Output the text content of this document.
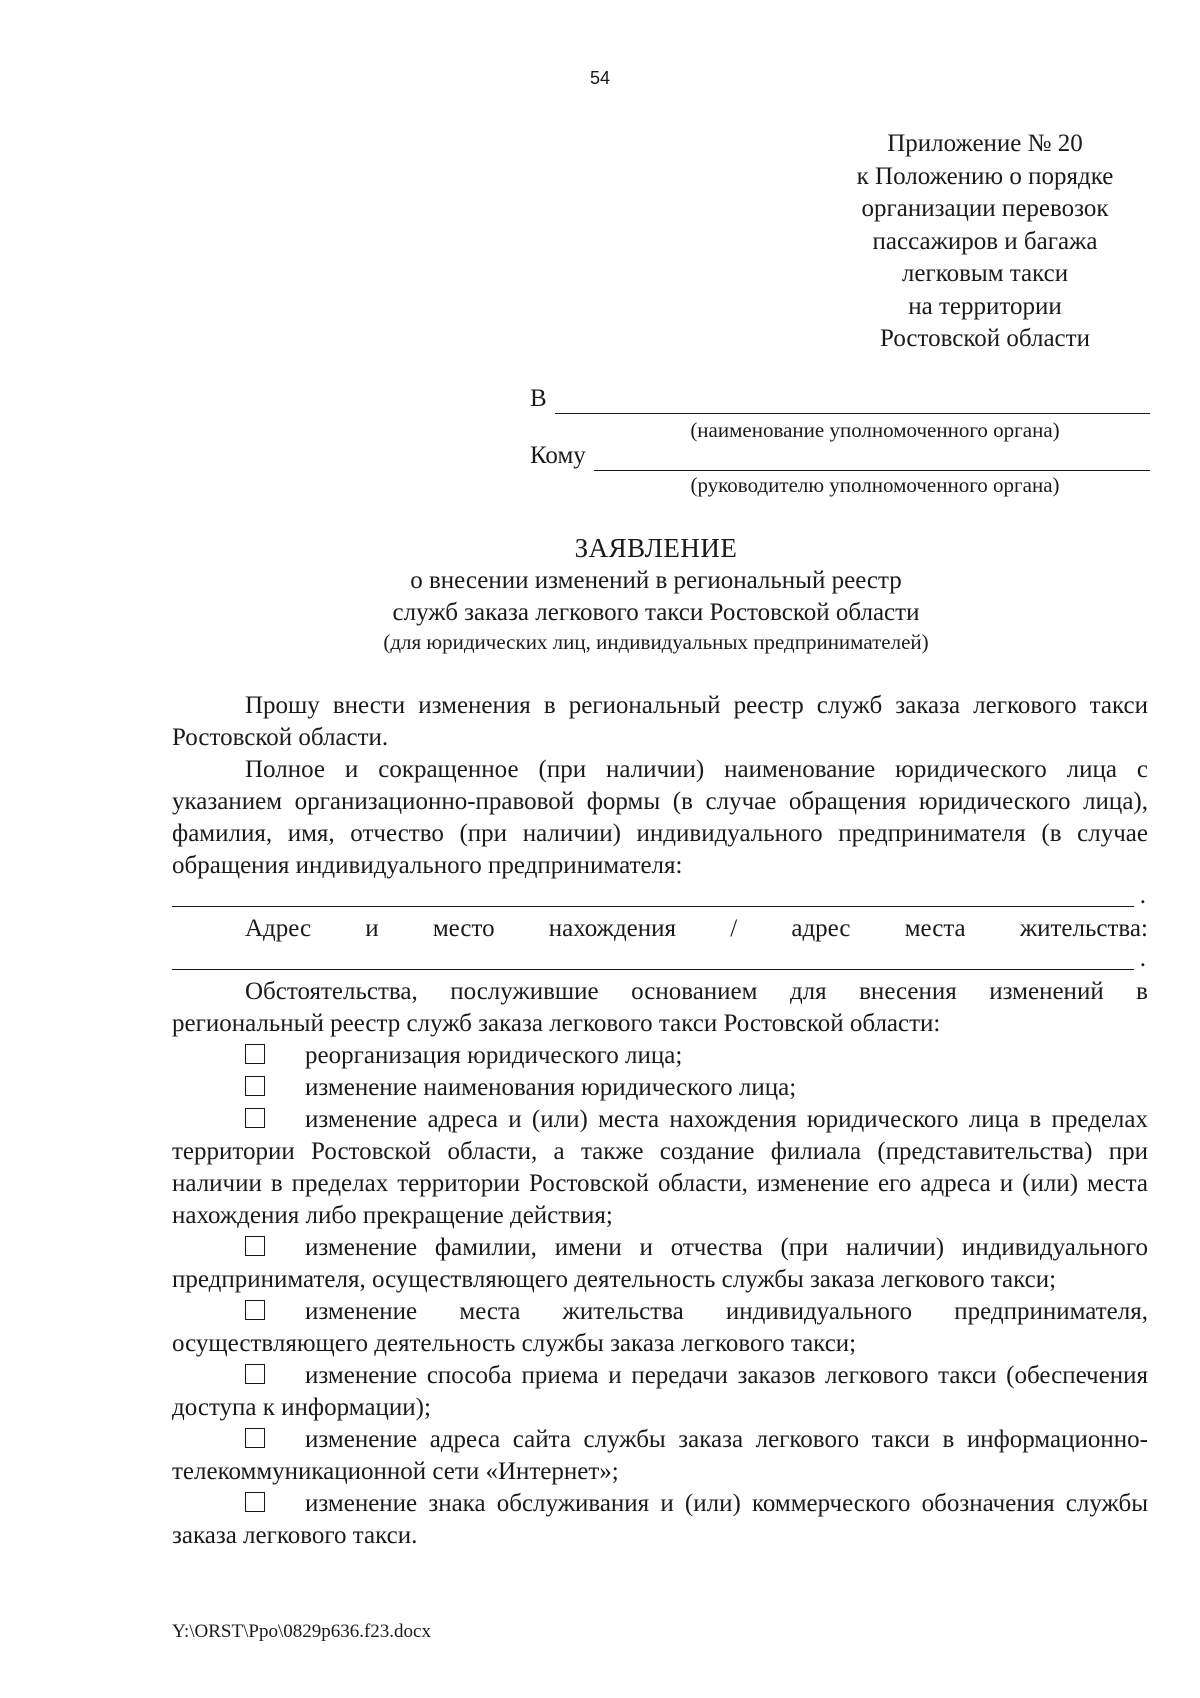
54
Приложение № 20
к Положению о порядке
организации перевозок
пассажиров и багажа
легковым такси
на территории
Ростовской области
В
(наименование уполномоченного органа)
Кому
(руководителю уполномоченного органа)
ЗАЯВЛЕНИЕ
о внесении изменений в региональный реестр
служб заказа легкового такси Ростовской области
(для юридических лиц, индивидуальных предпринимателей)

Прошу внести изменения в региональный реестр служб заказа легкового такси Ростовской области.

Полное и сокращенное (при наличии) наименование юридического лица с указанием организационно-правовой формы (в случае обращения юридического лица), фамилия, имя, отчество (при наличии) индивидуального предпринимателя (в случае обращения индивидуального предпринимателя:

.
Адрес и место нахождения / адрес места жительства:
.

Обстоятельства, послужившие основанием для внесения изменений в региональный реестр служб заказа легкового такси Ростовской области:

реорганизация юридического лица;

изменение наименования юридического лица;

изменение адреса и (или) места нахождения юридического лица в пределах территории Ростовской области, а также создание филиала (представительства) при наличии в пределах территории Ростовской области, изменение его адреса и (или) места нахождения либо прекращение действия;

изменение фамилии, имени и отчества (при наличии) индивидуального предпринимателя, осуществляющего деятельность службы заказа легкового такси;

изменение места жительства индивидуального предпринимателя, осуществляющего деятельность службы заказа легкового такси;

изменение способа приема и передачи заказов легкового такси (обеспечения доступа к информации);

изменение адреса сайта службы заказа легкового такси в информационно-телекоммуникационной сети «Интернет»;

изменение знака обслуживания и (или) коммерческого обозначения службы заказа легкового такси.

Y:\ORST\Ppo\0829p636.f23.docx
